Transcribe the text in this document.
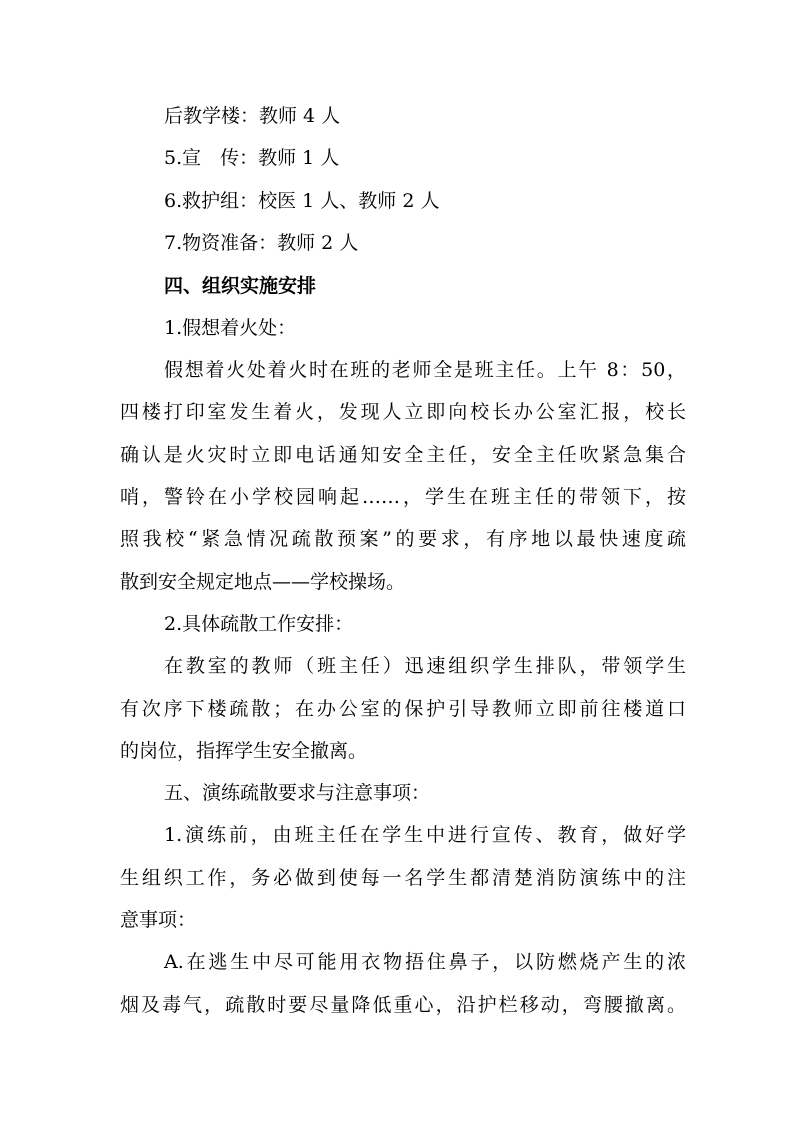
后教学楼：教师 4 人

5.宣　传：教师 1 人

6.救护组：校医 1 人、教师 2 人

7.物资准备：教师 2 人

四、组织实施安排

1.假想着火处：

假想着火处着火时在班的老师全是班主任。上午 8：50，

四楼打印室发生着火，发现人立即向校长办公室汇报，校长

确认是火灾时立即电话通知安全主任，安全主任吹紧急集合

哨，警铃在小学校园响起……，学生在班主任的带领下，按

照我校“紧急情况疏散预案”的要求，有序地以最快速度疏

散到安全规定地点——学校操场。

2.具体疏散工作安排：

在教室的教师（班主任）迅速组织学生排队，带领学生

有次序下楼疏散；在办公室的保护引导教师立即前往楼道口

的岗位，指挥学生安全撤离。

五、演练疏散要求与注意事项：

1.演练前，由班主任在学生中进行宣传、教育，做好学

生组织工作，务必做到使每一名学生都清楚消防演练中的注

意事项：

A.在逃生中尽可能用衣物捂住鼻子，以防燃烧产生的浓

烟及毒气，疏散时要尽量降低重心，沿护栏移动，弯腰撤离。
